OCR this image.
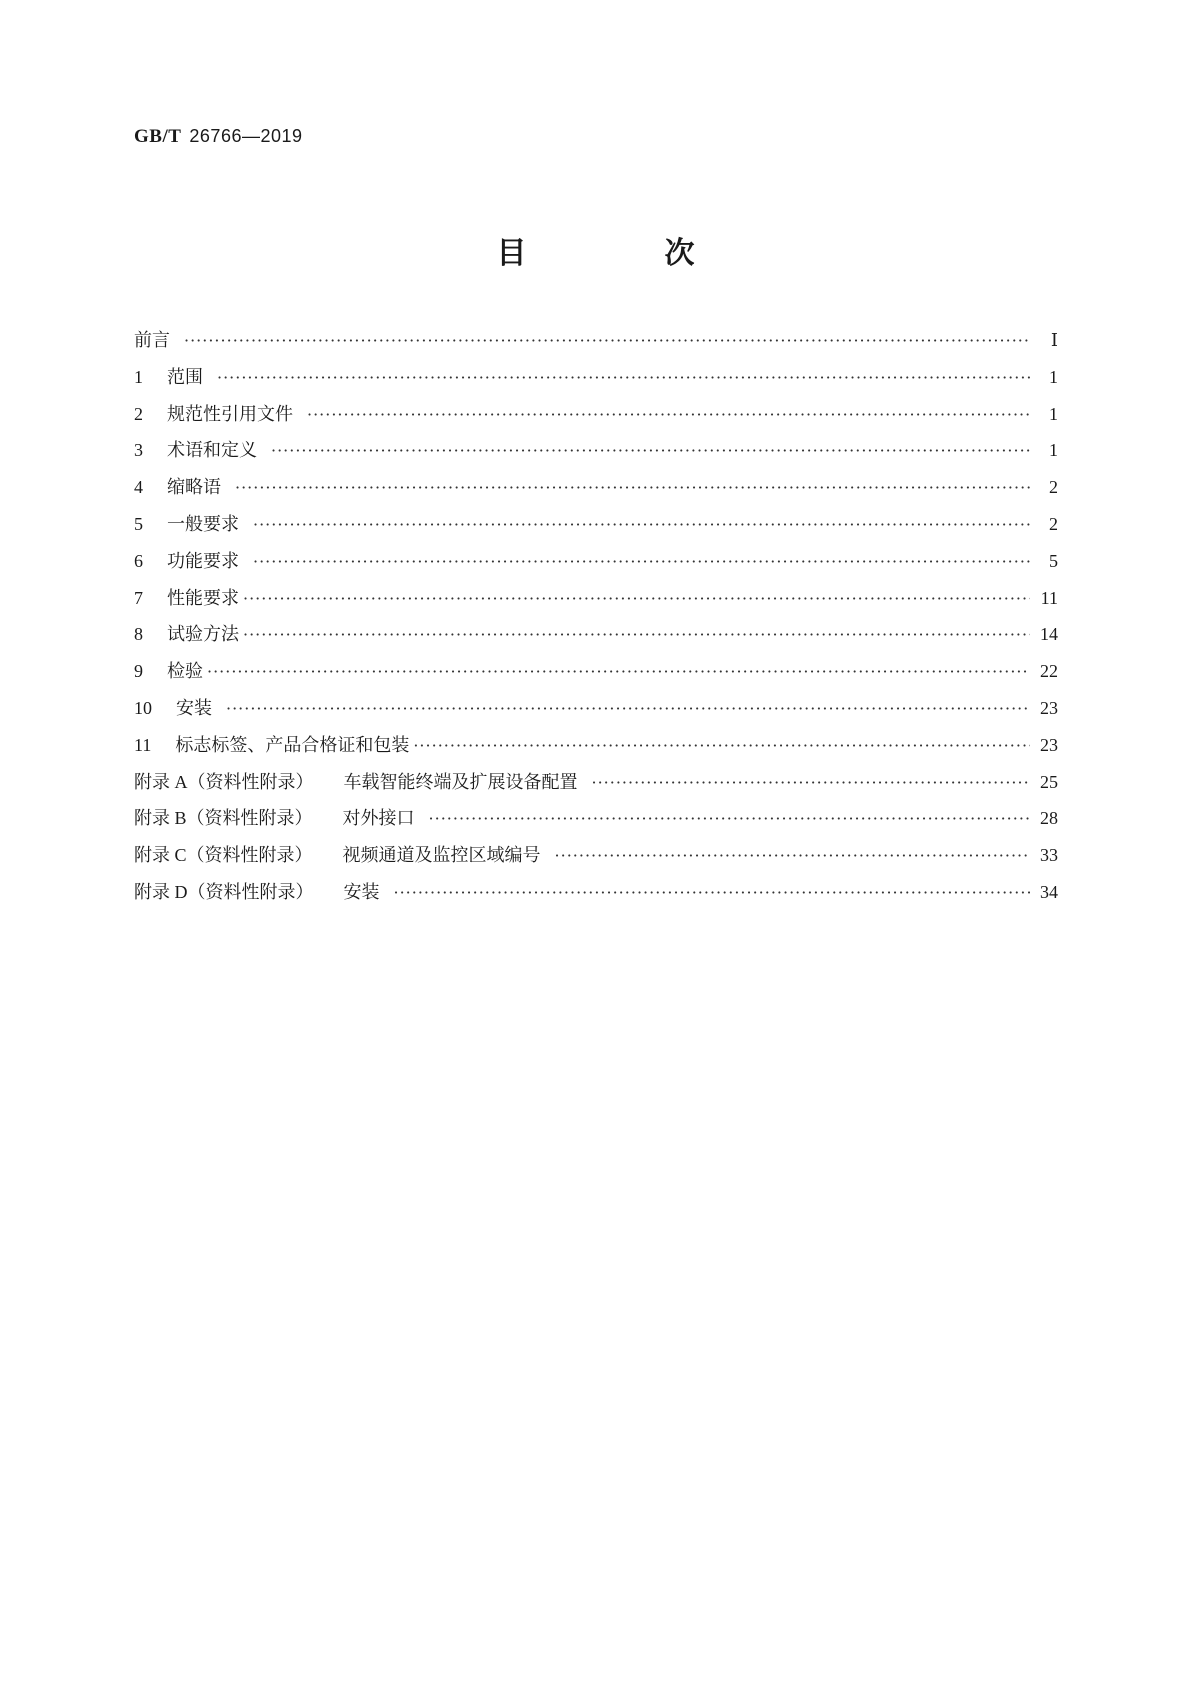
GB/T 26766—2019
目　次
前言 ·····	Ⅰ
1 范围 ·····	1
2 规范性引用文件 ·····	1
3 术语和定义 ·····	1
4 缩略语 ·····	2
5 一般要求 ·····	2
6 功能要求 ·····	5
7 性能要求 ·····	11
8 试验方法 ·····	14
9 检验 ·····	22
10 安装 ·····	23
11 标志标签、产品合格证和包装 ·····	23
附录 A（资料性附录） 车载智能终端及扩展设备配置 ·····	25
附录 B（资料性附录） 对外接口 ·····	28
附录 C（资料性附录） 视频通道及监控区域编号 ·····	33
附录 D（资料性附录） 安装 ·····	34
